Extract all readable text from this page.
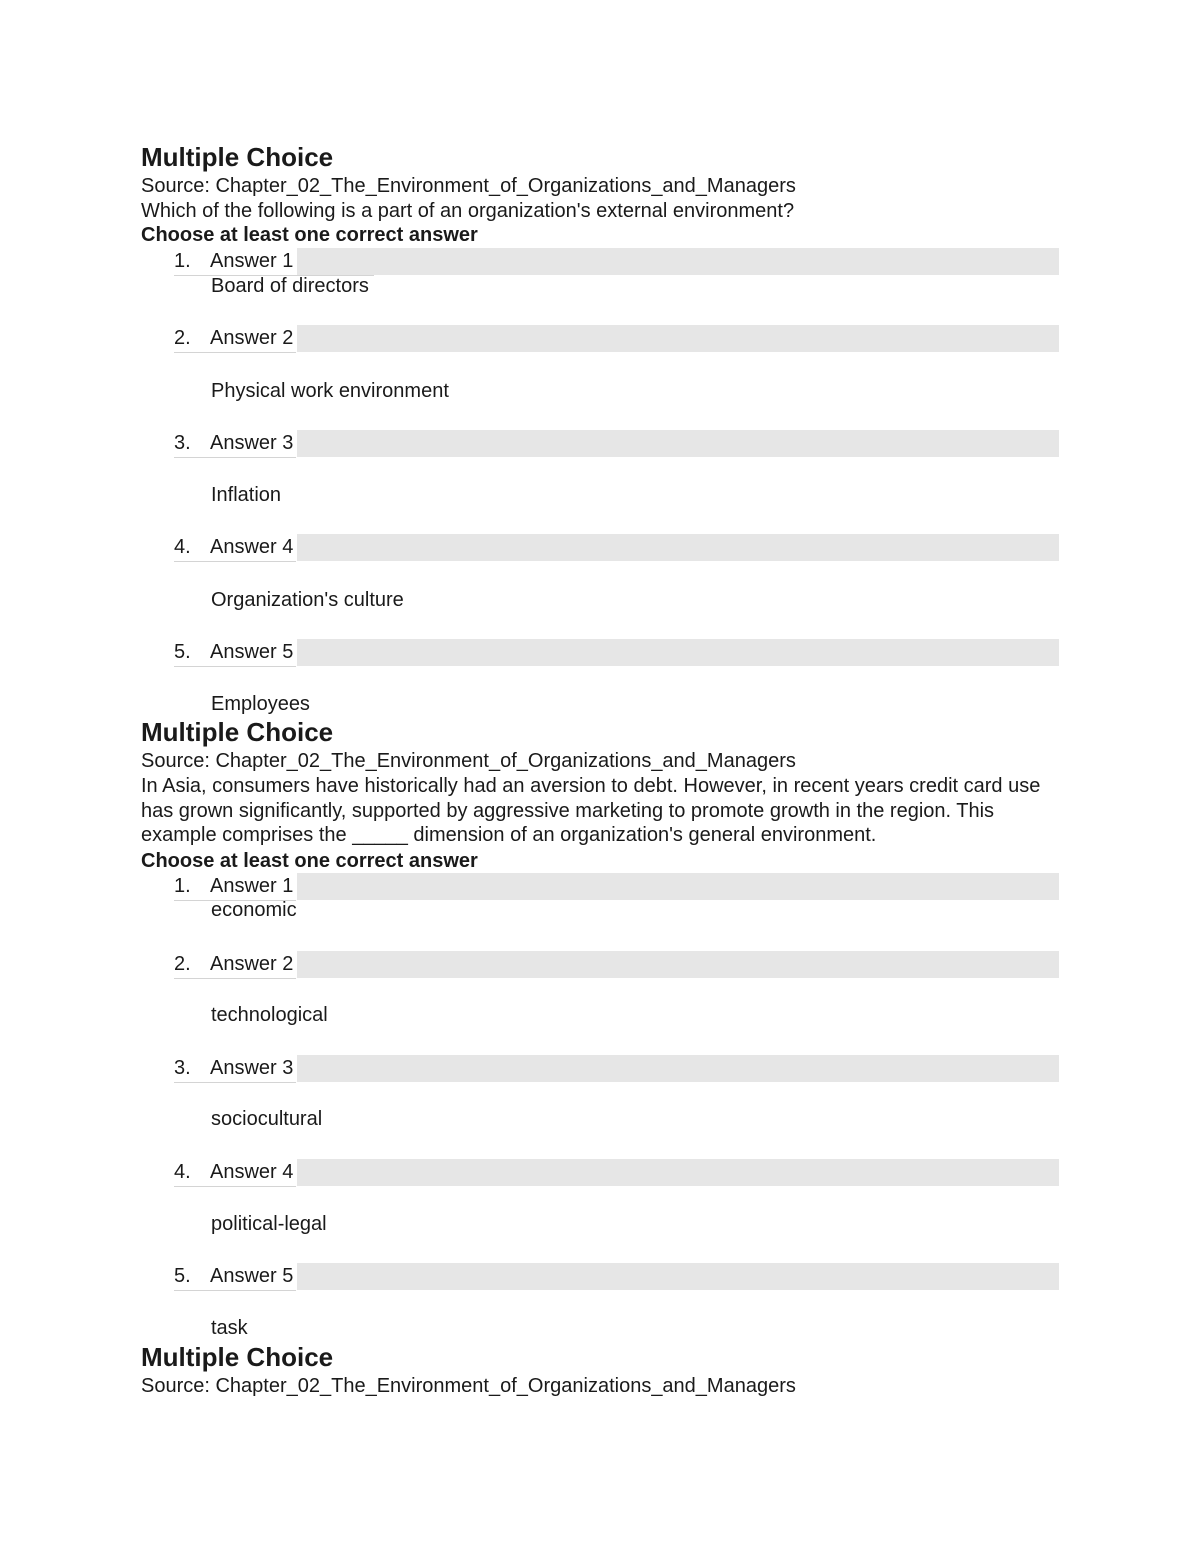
Multiple Choice

Source: Chapter_02_The_Environment_of_Organizations_and_Managers

Which of the following is a part of an organization's external environment?

Choose at least one correct answer

1. Answer 1

Board of directors

2. Answer 2

Physical work environment

3. Answer 3

Inflation

4. Answer 4

Organization's culture

5. Answer 5

Employees

Multiple Choice

Source: Chapter_02_The_Environment_of_Organizations_and_Managers

In Asia, consumers have historically had an aversion to debt. However, in recent years credit card use has grown significantly, supported by aggressive marketing to promote growth in the region. This example comprises the _____ dimension of an organization's general environment.

Choose at least one correct answer

1. Answer 1

economic

2. Answer 2

technological

3. Answer 3

sociocultural

4. Answer 4

political-legal

5. Answer 5

task

Multiple Choice

Source: Chapter_02_The_Environment_of_Organizations_and_Managers
